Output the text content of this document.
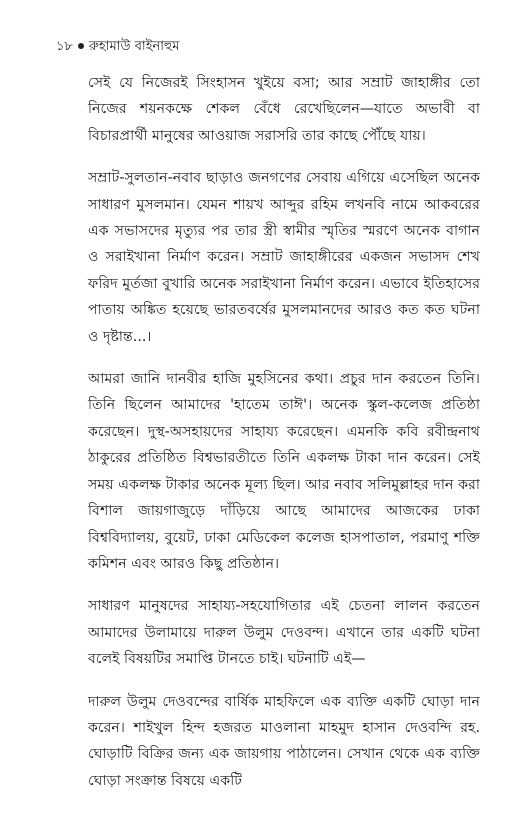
১৮ রুহামাউ বাইনাহুম

সেই যে নিজেরই সিংহাসন খুইয়ে বসা; আর সম্রাট জাহাঙ্গীর তো নিজের শয়নকক্ষে শেকল বেঁধে রেখেছিলেন—যাতে অভাবী বা বিচারপ্রার্থী মানুষের আওয়াজ সরাসরি তার কাছে পৌঁছে যায়।

সম্রাট-সুলতান-নবাব ছাড়াও জনগণের সেবায় এগিয়ে এসেছিল অনেক সাধারণ মুসলমান। যেমন শায়খ আব্দুর রহিম লখনবি নামে আকবরের এক সভাসদের মৃত্যুর পর তার স্ত্রী স্বামীর স্মৃতির স্মরণে অনেক বাগান ও সরাইখানা নির্মাণ করেন। সম্রাট জাহাঙ্গীরের একজন সভাসদ শেখ ফরিদ মুর্তজা বুখারি অনেক সরাইখানা নির্মাণ করেন। এভাবে ইতিহাসের পাতায় অঙ্কিত হয়েছে ভারতবর্ষের মুসলমানদের আরও কত কত ঘটনা ও দৃষ্টান্ত...।

আমরা জানি দানবীর হাজি মুহসিনের কথা। প্রচুর দান করতেন তিনি। তিনি ছিলেন আমাদের 'হাতেম তাঈ'। অনেক স্কুল-কলেজ প্রতিষ্ঠা করেছেন। দুস্থ-অসহায়দের সাহায্য করেছেন। এমনকি কবি রবীন্দ্রনাথ ঠাকুরের প্রতিষ্ঠিত বিশ্বভারতীতে তিনি একলক্ষ টাকা দান করেন। সেই সময় একলক্ষ টাকার অনেক মূল্য ছিল। আর নবাব সলিমুল্লাহর দান করা বিশাল জায়গাজুড়ে দাঁড়িয়ে আছে আমাদের আজকের ঢাকা বিশ্ববিদ্যালয়, বুয়েট, ঢাকা মেডিকেল কলেজ হাসপাতাল, পরমাণু শক্তি কমিশন এবং আরও কিছু প্রতিষ্ঠান।

সাধারণ মানুষদের সাহায্য-সহযোগিতার এই চেতনা লালন করতেন আমাদের উলামায়ে দারুল উলুম দেওবন্দ। এখানে তার একটি ঘটনা বলেই বিষয়টির সমাপ্তি টানতে চাই। ঘটনাটি এই—

দারুল উলুম দেওবন্দের বার্ষিক মাহফিলে এক ব্যক্তি একটি ঘোড়া দান করেন। শাইখুল হিন্দ হজরত মাওলানা মাহমুদ হাসান দেওবন্দি রহ. ঘোড়াটি বিক্রির জন্য এক জায়গায় পাঠালেন। সেখান থেকে এক ব্যক্তি ঘোড়া সংক্রান্ত বিষয়ে একটি
